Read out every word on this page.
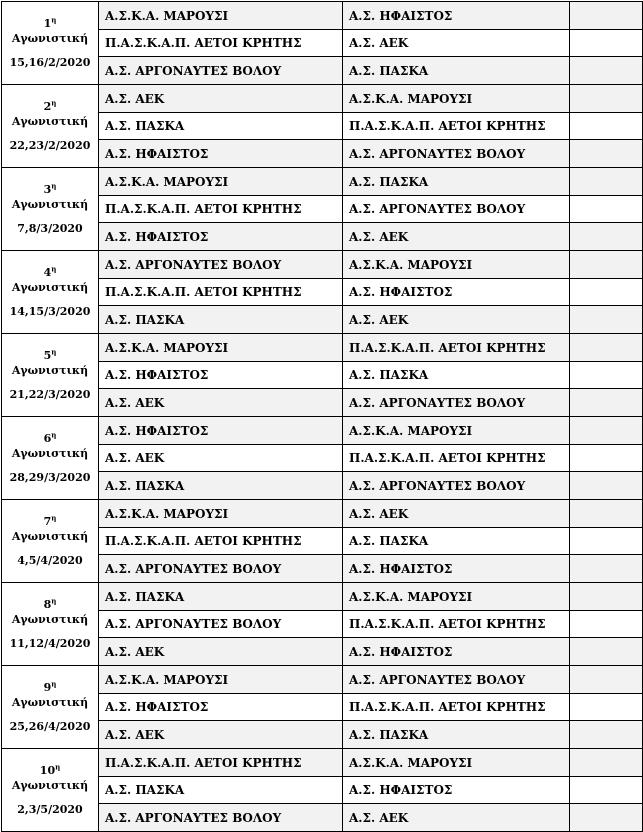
$1^\eta$ Αγωνιστική
15,16/2/2020	Α.Σ.Κ.Α. ΜΑΡΟΥΣΙ	Α.Σ. ΗΦΑΙΣΤΟΣ	
	Π.Α.Σ.Κ.Α.Π. ΑΕΤΟΙ ΚΡΗΤΗΣ	Α.Σ. ΑΕΚ	
	Α.Σ. ΑΡΓΟΝΑΥΤΕΣ ΒΟΛΟΥ	Α.Σ. ΠΑΣΚΑ	

$2^\eta$ Αγωνιστική
22,23/2/2020	Α.Σ. ΑΕΚ	Α.Σ.Κ.Α. ΜΑΡΟΥΣΙ	
	Α.Σ. ΠΑΣΚΑ	Π.Α.Σ.Κ.Α.Π. ΑΕΤΟΙ ΚΡΗΤΗΣ	
	Α.Σ. ΗΦΑΙΣΤΟΣ	Α.Σ. ΑΡΓΟΝΑΥΤΕΣ ΒΟΛΟΥ	

$3^\eta$ Αγωνιστική
7,8/3/2020	Α.Σ.Κ.Α. ΜΑΡΟΥΣΙ	Α.Σ. ΠΑΣΚΑ	
	Π.Α.Σ.Κ.Α.Π. ΑΕΤΟΙ ΚΡΗΤΗΣ	Α.Σ. ΑΡΓΟΝΑΥΤΕΣ ΒΟΛΟΥ	
	Α.Σ. ΗΦΑΙΣΤΟΣ	Α.Σ. ΑΕΚ	

$4^\eta$ Αγωνιστική
14,15/3/2020	Α.Σ. ΑΡΓΟΝΑΥΤΕΣ ΒΟΛΟΥ	Α.Σ.Κ.Α. ΜΑΡΟΥΣΙ	
	Π.Α.Σ.Κ.Α.Π. ΑΕΤΟΙ ΚΡΗΤΗΣ	Α.Σ. ΗΦΑΙΣΤΟΣ	
	Α.Σ. ΠΑΣΚΑ	Α.Σ. ΑΕΚ	

$5^\eta$ Αγωνιστική
21,22/3/2020	Α.Σ.Κ.Α. ΜΑΡΟΥΣΙ	Π.Α.Σ.Κ.Α.Π. ΑΕΤΟΙ ΚΡΗΤΗΣ	
	Α.Σ. ΗΦΑΙΣΤΟΣ	Α.Σ. ΠΑΣΚΑ	
	Α.Σ. ΑΕΚ	Α.Σ. ΑΡΓΟΝΑΥΤΕΣ ΒΟΛΟΥ	

$6^\eta$ Αγωνιστική
28,29/3/2020	Α.Σ. ΗΦΑΙΣΤΟΣ	Α.Σ.Κ.Α. ΜΑΡΟΥΣΙ	
	Α.Σ. ΑΕΚ	Π.Α.Σ.Κ.Α.Π. ΑΕΤΟΙ ΚΡΗΤΗΣ	
	Α.Σ. ΠΑΣΚΑ	Α.Σ. ΑΡΓΟΝΑΥΤΕΣ ΒΟΛΟΥ	

$7^\eta$ Αγωνιστική
4,5/4/2020	Α.Σ.Κ.Α. ΜΑΡΟΥΣΙ	Α.Σ. ΑΕΚ	
	Π.Α.Σ.Κ.Α.Π. ΑΕΤΟΙ ΚΡΗΤΗΣ	Α.Σ. ΠΑΣΚΑ	
	Α.Σ. ΑΡΓΟΝΑΥΤΕΣ ΒΟΛΟΥ	Α.Σ. ΗΦΑΙΣΤΟΣ	

$8^\eta$ Αγωνιστική
11,12/4/2020	Α.Σ. ΠΑΣΚΑ	Α.Σ.Κ.Α. ΜΑΡΟΥΣΙ	
	Α.Σ. ΑΡΓΟΝΑΥΤΕΣ ΒΟΛΟΥ	Π.Α.Σ.Κ.Α.Π. ΑΕΤΟΙ ΚΡΗΤΗΣ	
	Α.Σ. ΑΕΚ	Α.Σ. ΗΦΑΙΣΤΟΣ	

$9^\eta$ Αγωνιστική
25,26/4/2020	Α.Σ.Κ.Α. ΜΑΡΟΥΣΙ	Α.Σ. ΑΡΓΟΝΑΥΤΕΣ ΒΟΛΟΥ	
	Α.Σ. ΗΦΑΙΣΤΟΣ	Π.Α.Σ.Κ.Α.Π. ΑΕΤΟΙ ΚΡΗΤΗΣ	
	Α.Σ. ΑΕΚ	Α.Σ. ΠΑΣΚΑ	

$10^\eta$ Αγωνιστική
2,3/5/2020	Π.Α.Σ.Κ.Α.Π. ΑΕΤΟΙ ΚΡΗΤΗΣ	Α.Σ.Κ.Α. ΜΑΡΟΥΣΙ	
	Α.Σ. ΠΑΣΚΑ	Α.Σ. ΗΦΑΙΣΤΟΣ	
	Α.Σ. ΑΡΓΟΝΑΥΤΕΣ ΒΟΛΟΥ	Α.Σ. ΑΕΚ	
